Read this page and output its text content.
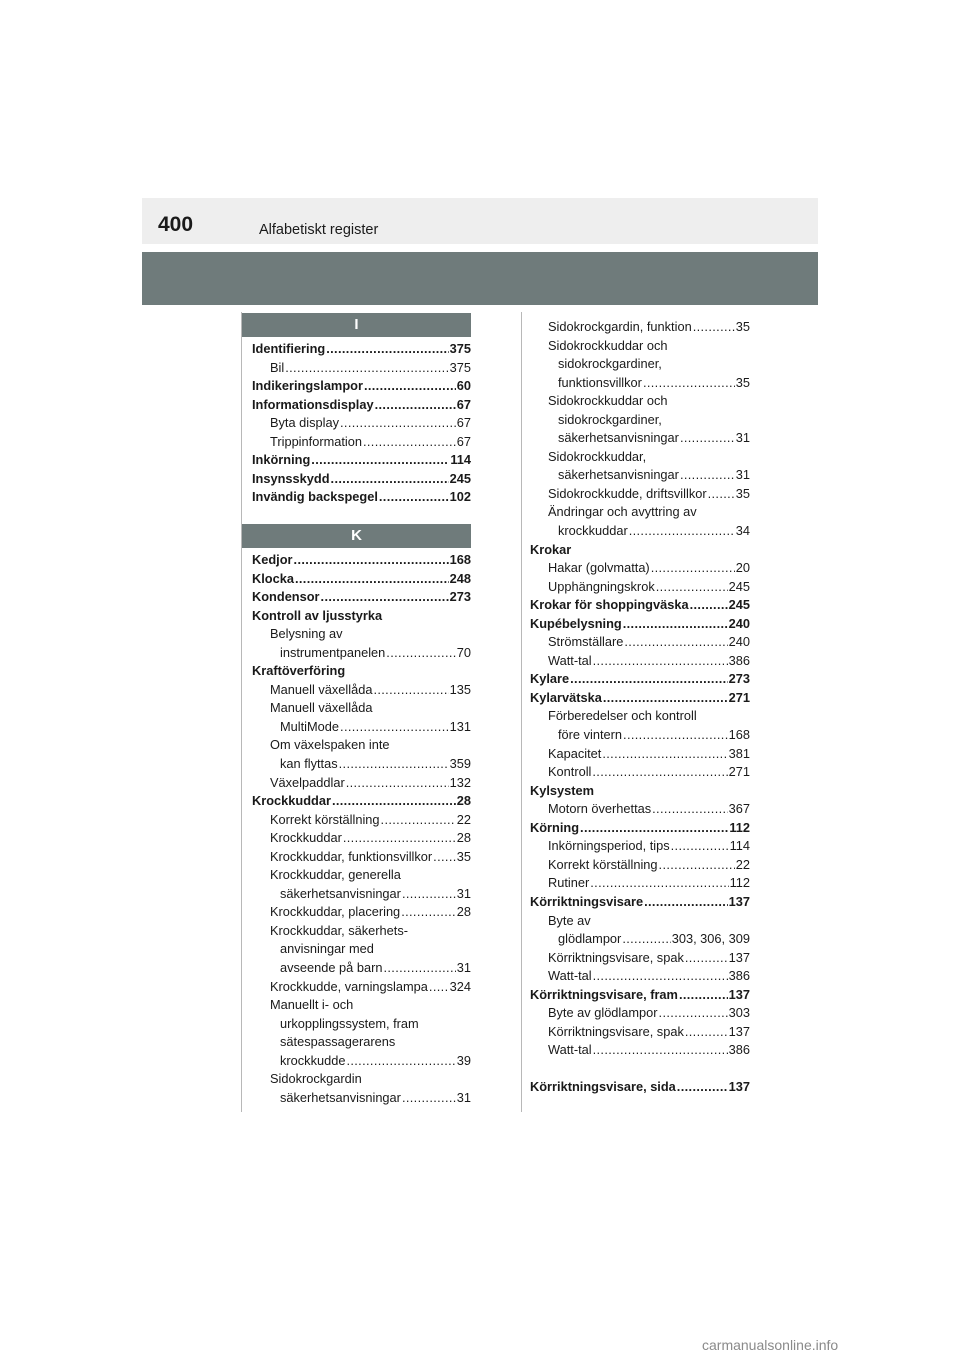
400	Alfabetiskt register
I
Identifiering . . .	375
Bil . . .	375
Indikeringslampor . . .	60
Informationsdisplay . . .	67
Byta display . . .	67
Trippinformation . . .	67
Inkörning . . .	114
Insynsskydd . . .	245
Invändig backspegel . . .	102
K
Kedjor . . .	168
Klocka . . .	248
Kondensor . . .	273
Kontroll av ljusstyrka
Belysning av
instrumentpanelen . . .	70
Kraftöverföring
Manuell växellåda . . .	135
Manuell växellåda
MultiMode . . .	131
Om växelspaken inte
kan flyttas . . .	359
Växelpaddlar . . .	132
Krockkuddar . . .	28
Korrekt körställning . . .	22
Krockkuddar . . .	28
Krockkuddar, funktionsvillkor . . . 35
Krockkuddar, generella
säkerhetsanvisningar . . .	31
Krockkuddar, placering . . .	28
Krockkuddar, säkerhets-
anvisningar med
avseende på barn . . .	31
Krockkudde, varningslampa . . . 324
Manuellt i- och
urkopplingssystem, fram
sätespassagerarens
krockkudde . . .	39
Sidokrockgardin
säkerhetsanvisningar . . .	31
Sidokrockgardin, funktion . . .	35
Sidokrockkuddar och
sidokrockgardiner,
funktionsvillkor . . .	35
Sidokrockkuddar och
sidokrockgardiner,
säkerhetsanvisningar . . .	31
Sidokrockkuddar,
säkerhetsanvisningar . . .	31
Sidokrockkudde, driftsvillkor . . . 35
Ändringar och avyttring av
krockkuddar . . .	34
Krokar
Hakar (golvmatta) . . .	20
Upphängningskrok . . .	245
Krokar för shoppingväska . . .	245
Kupébelysning . . .	240
Strömställare . . .	240
Watt-tal . . .	386
Kylare . . .	273
Kylarvätska . . .	271
Förberedelser och kontroll
före vintern . . .	168
Kapacitet . . .	381
Kontroll . . .	271
Kylsystem
Motorn överhettas . . .	367
Körning . . .	112
Inkörningsperiod, tips . . .	114
Korrekt körställning . . .	22
Rutiner . . .	112
Körriktningsvisare . . .	137
Byte av
glödlampor . . .	303, 306, 309
Körriktningsvisare, spak . . .	137
Watt-tal . . .	386
Körriktningsvisare, fram . . .	137
Byte av glödlampor . . .	303
Körriktningsvisare, spak . . .	137
Watt-tal . . .	386
Körriktningsvisare, sida . . .	137
carmanualsonline.info
